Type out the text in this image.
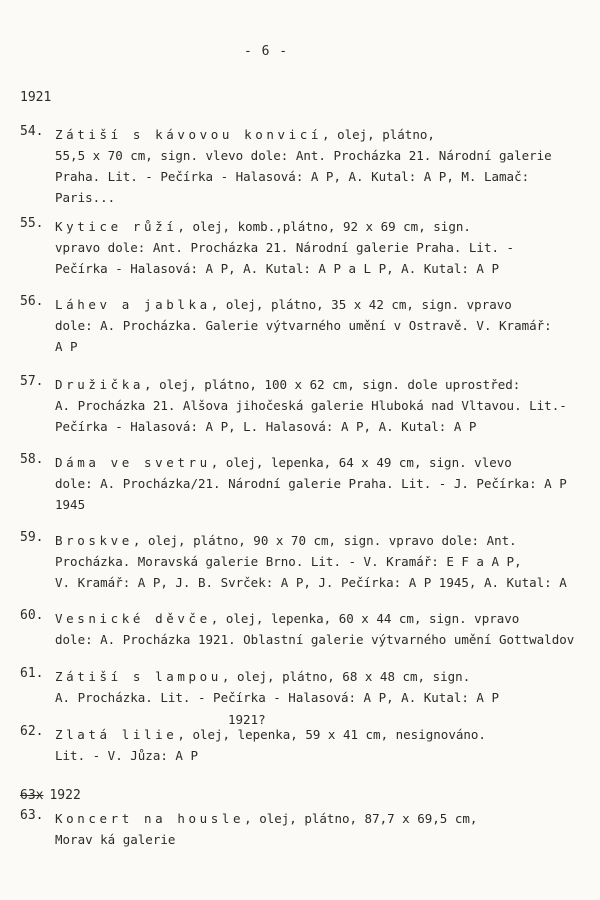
- 6 -
1921
54. Zátiší s kávovou konvicí, olej, plátno,
55,5 x 70 cm, sign. vlevo dole: Ant. Procházka 21. Národní galerie
Praha. Lit. - Pečírka - Halasová: A P, A. Kutal: A P, M. Lamač:
Paris...
55. Kytice růží, olej, komb.,plátno, 92 x 69 cm, sign.
vpravo dole: Ant. Procházka 21. Národní galerie Praha. Lit. -
Pečírka - Halasová: A P, A. Kutal: A P a L P, A. Kutal: A P
56. Láhev a jablka, olej, plátno, 35 x 42 cm, sign. vpravo
dole: A. Procházka. Galerie výtvarného umění v Ostravě. V. Kramář:
A P
57. Družička, olej, plátno, 100 x 62 cm, sign. dole uprostřed:
A. Procházka 21. Alšova jihočeská galerie Hluboká nad Vltavou. Lit.-
Pečírka - Halasová: A P, L. Halasová: A P, A. Kutal: A P
58. Dáma ve svetru, olej, lepenka, 64 x 49 cm, sign. vlevo
dole: A. Procházka/21. Národní galerie Praha. Lit. - J. Pečírka: A P
1945
59. Broskve, olej, plátno, 90 x 70 cm, sign. vpravo dole: Ant.
Procházka. Moravská galerie Brno. Lit. - V. Kramář: E F a A P,
V. Kramář: A P, J. B. Svrček: A P, J. Pečírka: A P 1945, A. Kutal: A
60. Vesnické děvče, olej, lepenka, 60 x 44 cm, sign. vpravo
dole: A. Procházka 1921. Oblastní galerie výtvarného umění Gottwaldov
61. Zátiší s lampou, olej, plátno, 68 x 48 cm, sign.
A. Procházka. Lit. - Pečírka - Halasová: A P, A. Kutal: A P
62. Zlatá lilie, olej, lepenka, 59 x 41 cm, nesignováno.
Lit. - V. Jůza: A P
1921?
63x 1922
63. Koncert na housle, olej, plátno, 87,7 x 69,5 cm,
Morav ká galerie
